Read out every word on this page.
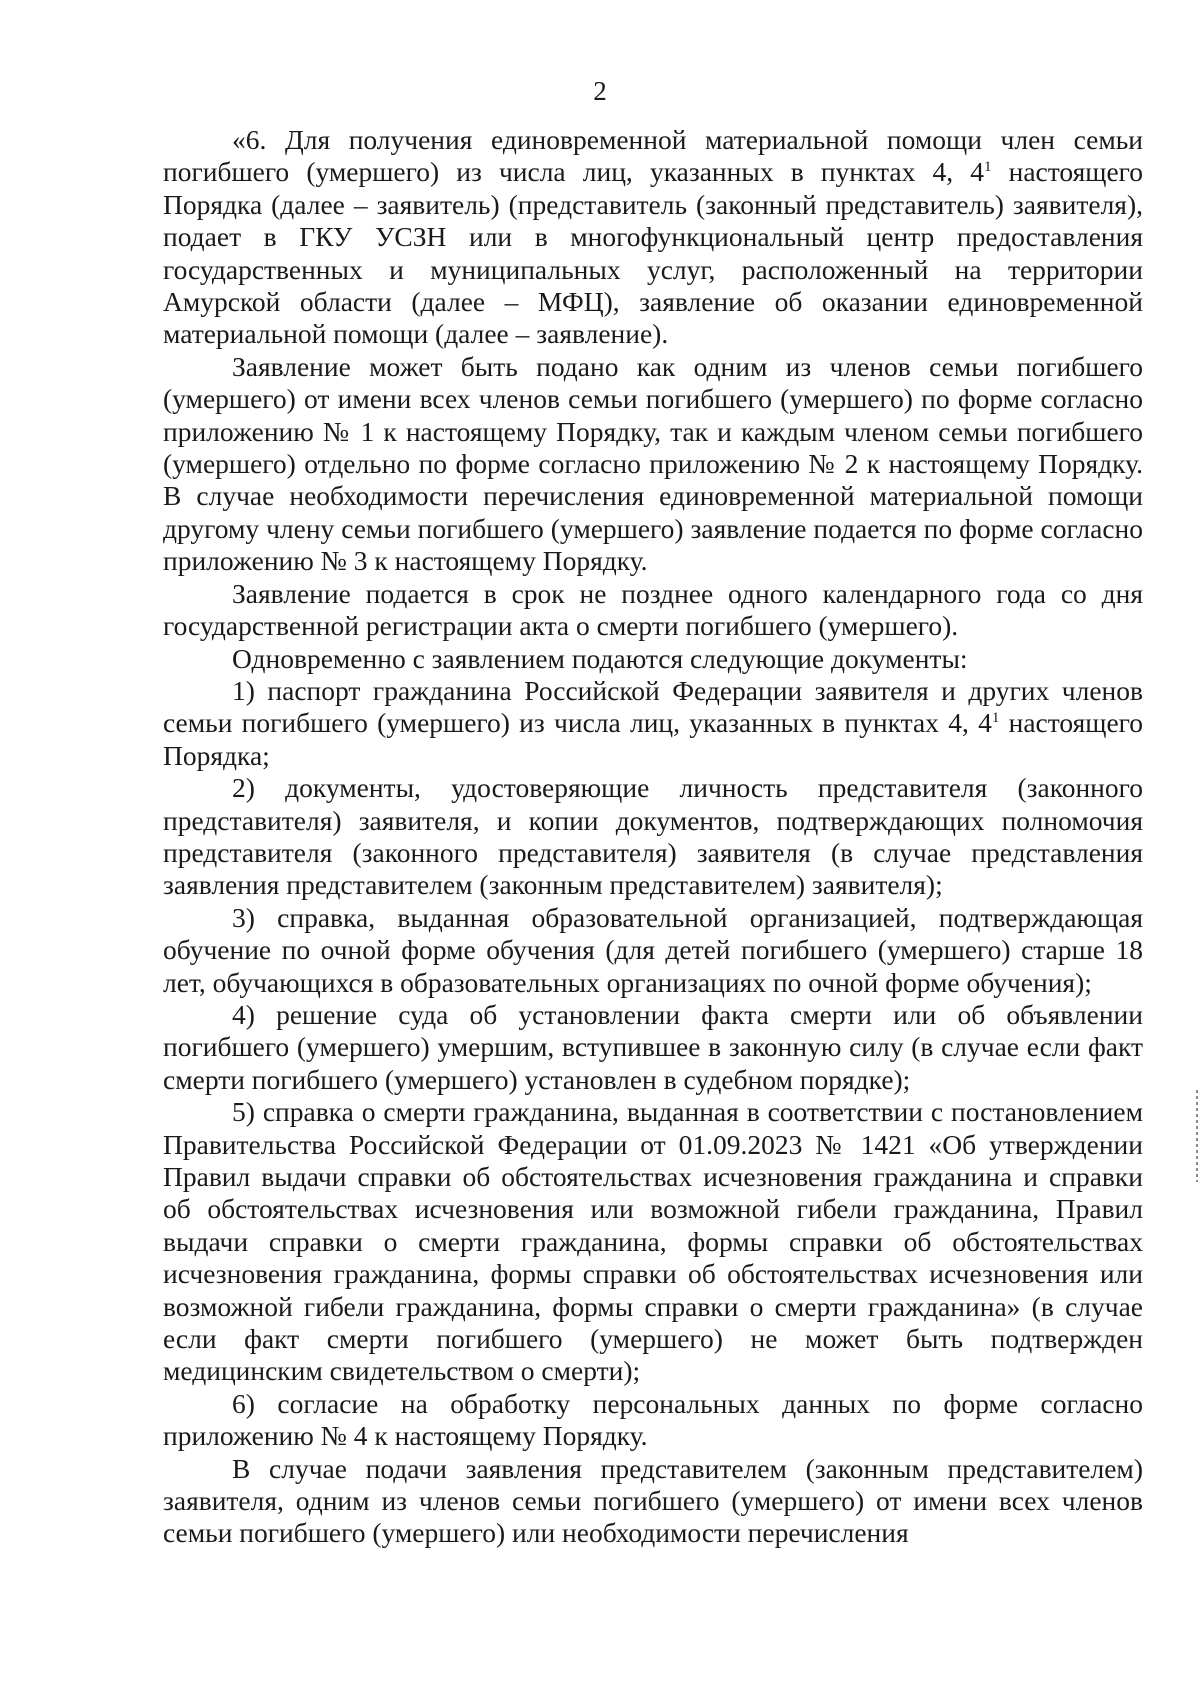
2

«6. Для получения единовременной материальной помощи член семьи погибшего (умершего) из числа лиц, указанных в пунктах 4, $4^1$ настоящего Порядка (далее – заявитель) (представитель (законный представитель) заявителя), подает в ГКУ УСЗН или в многофункциональный центр предоставления государственных и муниципальных услуг, расположенный на территории Амурской области (далее – МФЦ), заявление об оказании единовременной материальной помощи (далее – заявление).

Заявление может быть подано как одним из членов семьи погибшего (умершего) от имени всех членов семьи погибшего (умершего) по форме согласно приложению № 1 к настоящему Порядку, так и каждым членом семьи погибшего (умершего) отдельно по форме согласно приложению № 2 к настоящему Порядку. В случае необходимости перечисления единовременной материальной помощи другому члену семьи погибшего (умершего) заявление подается по форме согласно приложению № 3 к настоящему Порядку.

Заявление подается в срок не позднее одного календарного года со дня государственной регистрации акта о смерти погибшего (умершего).

Одновременно с заявлением подаются следующие документы:

1) паспорт гражданина Российской Федерации заявителя и других членов семьи погибшего (умершего) из числа лиц, указанных в пунктах 4, $4^1$ настоящего Порядка;

2) документы, удостоверяющие личность представителя (законного представителя) заявителя, и копии документов, подтверждающих полномочия представителя (законного представителя) заявителя (в случае представления заявления представителем (законным представителем) заявителя);

3) справка, выданная образовательной организацией, подтверждающая обучение по очной форме обучения (для детей погибшего (умершего) старше 18 лет, обучающихся в образовательных организациях по очной форме обучения);

4) решение суда об установлении факта смерти или об объявлении погибшего (умершего) умершим, вступившее в законную силу (в случае если факт смерти погибшего (умершего) установлен в судебном порядке);

5) справка о смерти гражданина, выданная в соответствии с постановлением Правительства Российской Федерации от 01.09.2023 № 1421 «Об утверждении Правил выдачи справки об обстоятельствах исчезновения гражданина и справки об обстоятельствах исчезновения или возможной гибели гражданина, Правил выдачи справки о смерти гражданина, формы справки об обстоятельствах исчезновения гражданина, формы справки об обстоятельствах исчезновения или возможной гибели гражданина, формы справки о смерти гражданина» (в случае если факт смерти погибшего (умершего) не может быть подтвержден медицинским свидетельством о смерти);

6) согласие на обработку персональных данных по форме согласно приложению № 4 к настоящему Порядку.

В случае подачи заявления представителем (законным представителем) заявителя, одним из членов семьи погибшего (умершего) от имени всех членов семьи погибшего (умершего) или необходимости перечисления
